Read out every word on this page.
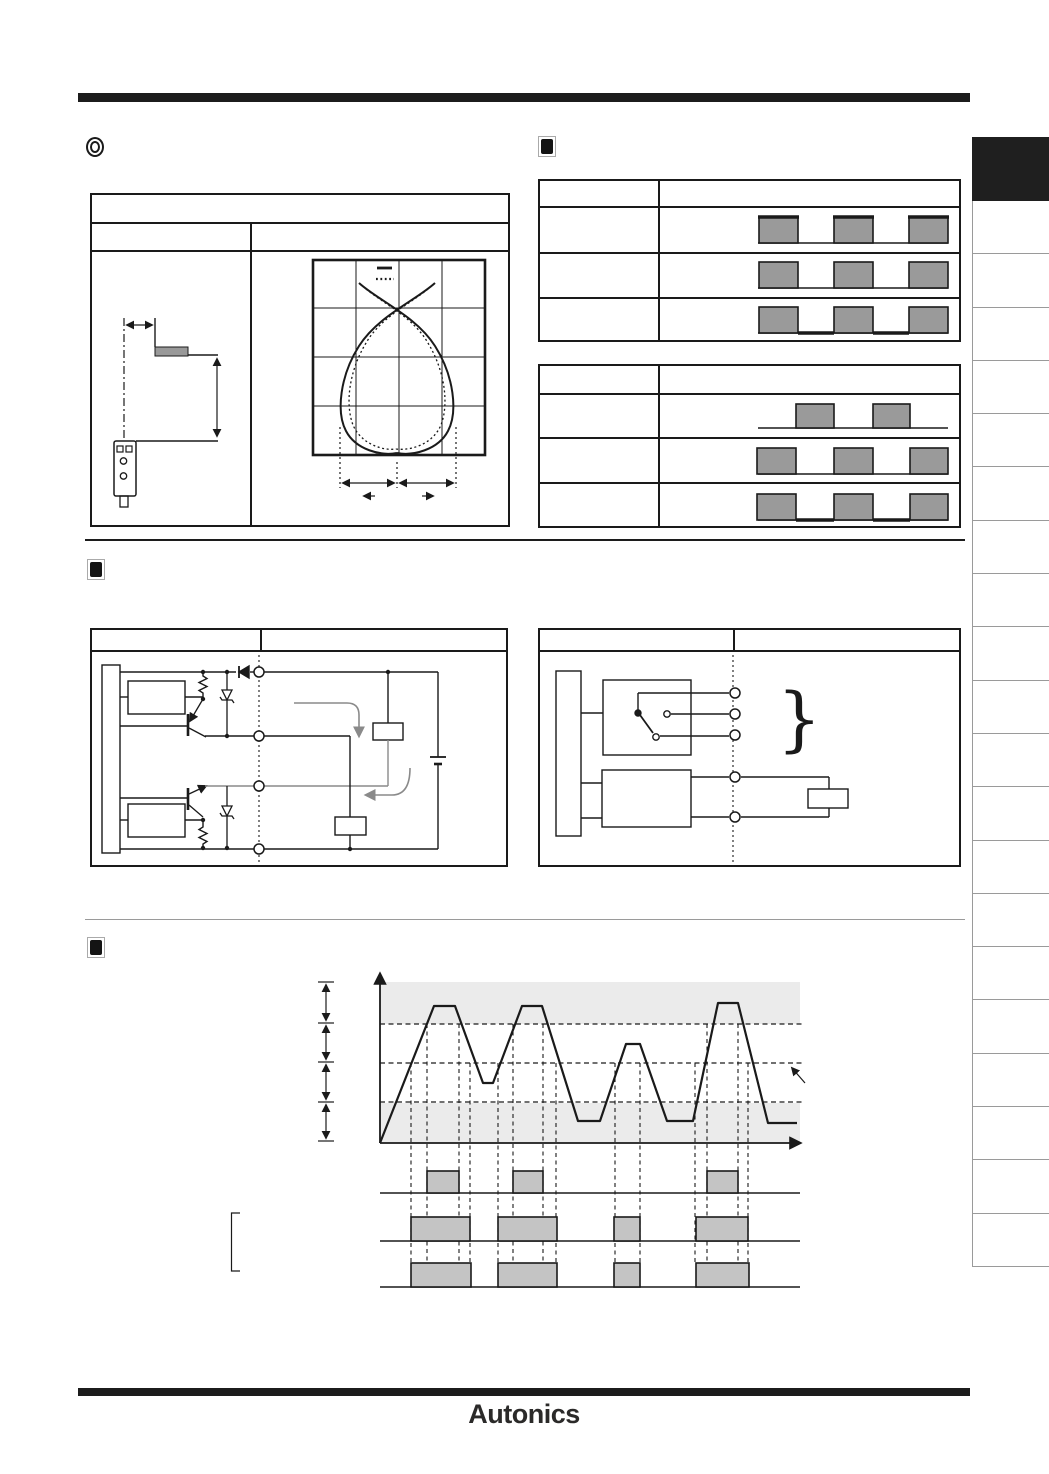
Autonics
}
